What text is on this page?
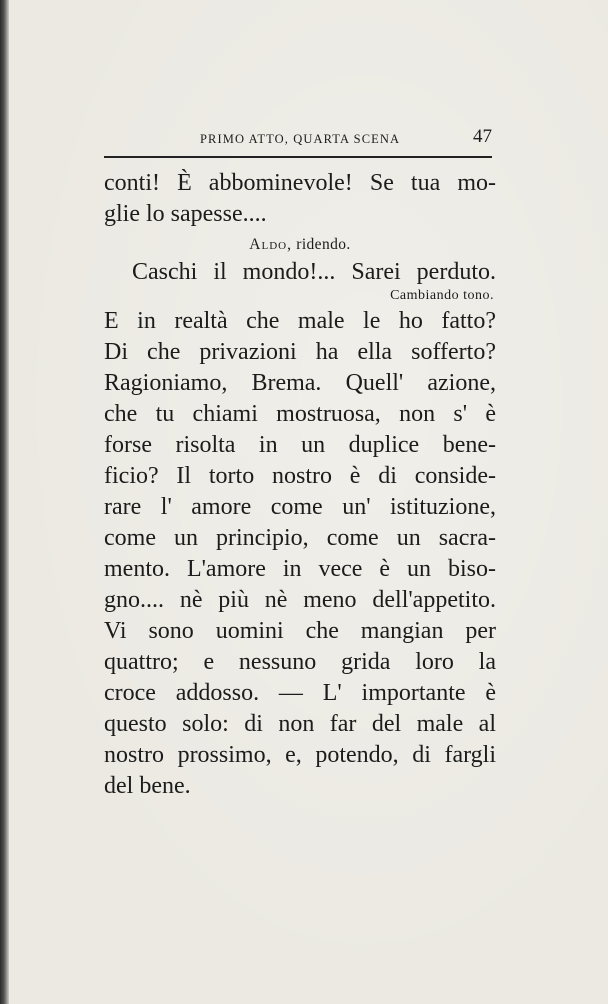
PRIMO ATTO, QUARTA SCENA	47
conti! È abbominevole! Se tua mo-
glie lo sapesse....
Aldo, ridendo.
Caschi il mondo!... Sarei perduto.
Cambiando tono.
E in realtà che male le ho fatto?
Di che privazioni ha ella sofferto?
Ragioniamo, Brema. Quell' azione,
che tu chiami mostruosa, non s' è
forse risolta in un duplice bene-
ficio? Il torto nostro è di conside-
rare l' amore come un' istituzione,
come un principio, come un sacra-
mento. L'amore in vece è un biso-
gno.... nè più nè meno dell'appetito.
Vi sono uomini che mangian per
quattro; e nessuno grida loro la
croce addosso. — L' importante è
questo solo: di non far del male al
nostro prossimo, e, potendo, di fargli
del bene.
